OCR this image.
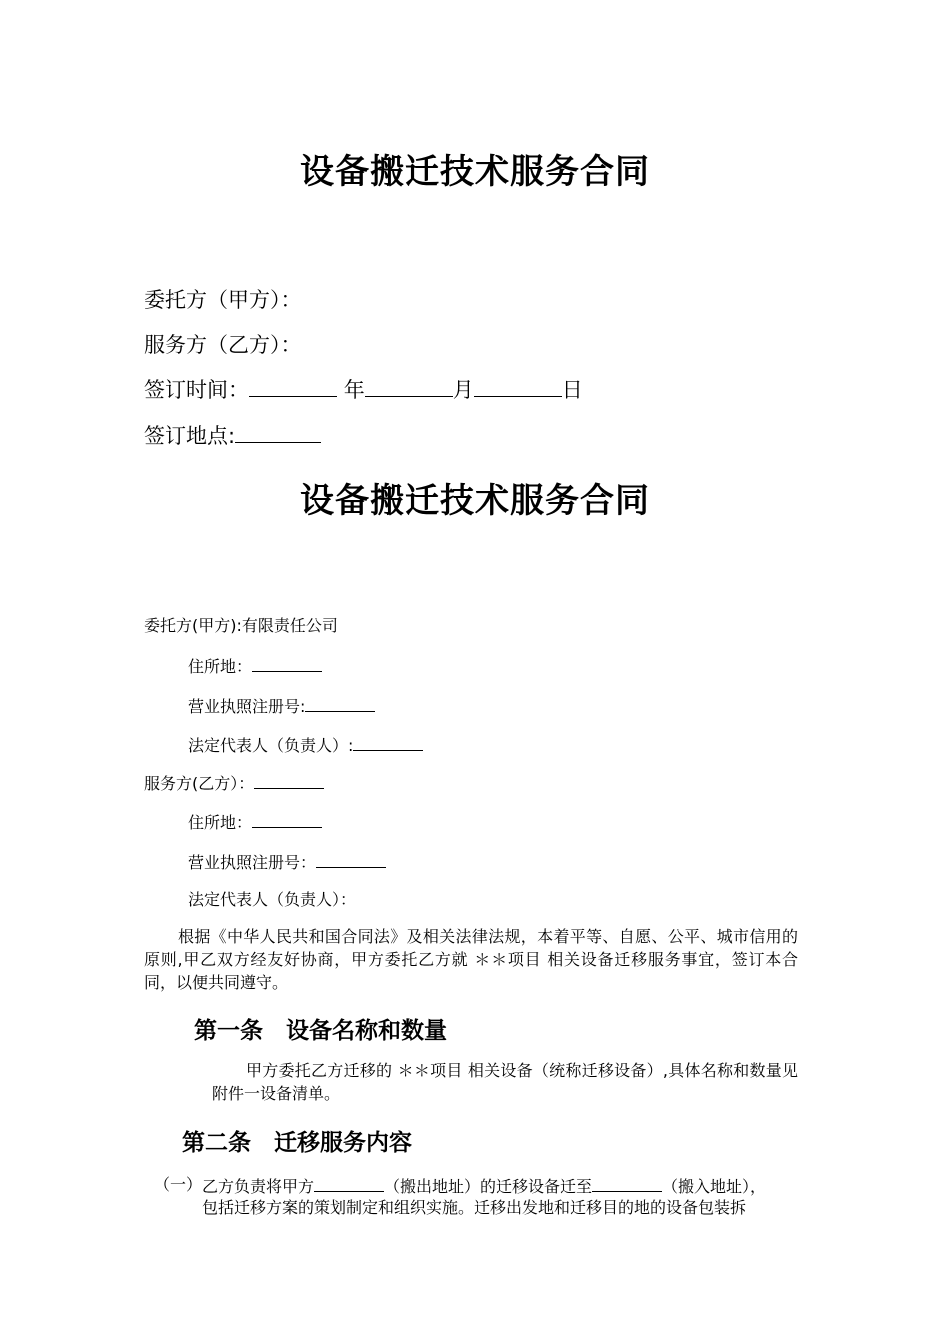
设备搬迁技术服务合同
委托方（甲方）：
服务方（乙方）：
签订时间：	年	月	日
签订地点:
设备搬迁技术服务合同
委托方(甲方):有限责任公司
住所地：
营业执照注册号:
法定代表人（负责人）:
服务方(乙方）：
住所地：
营业执照注册号：
法定代表人（负责人）：
根据《中华人民共和国合同法》及相关法律法规，本着平等、自愿、公平、城市信用的原则,甲乙双方经友好协商，甲方委托乙方就 ＊＊项目 相关设备迁移服务事宜，签订本合同，以便共同遵守。
第一条　设备名称和数量
甲方委托乙方迁移的 ＊＊项目 相关设备（统称迁移设备）,具体名称和数量见附件一设备清单。
第二条　迁移服务内容
（一） 乙方负责将甲方	（搬出地址）的迁移设备迁至	（搬入地址），
包括迁移方案的策划制定和组织实施。迁移出发地和迁移目的地的设备包装拆
